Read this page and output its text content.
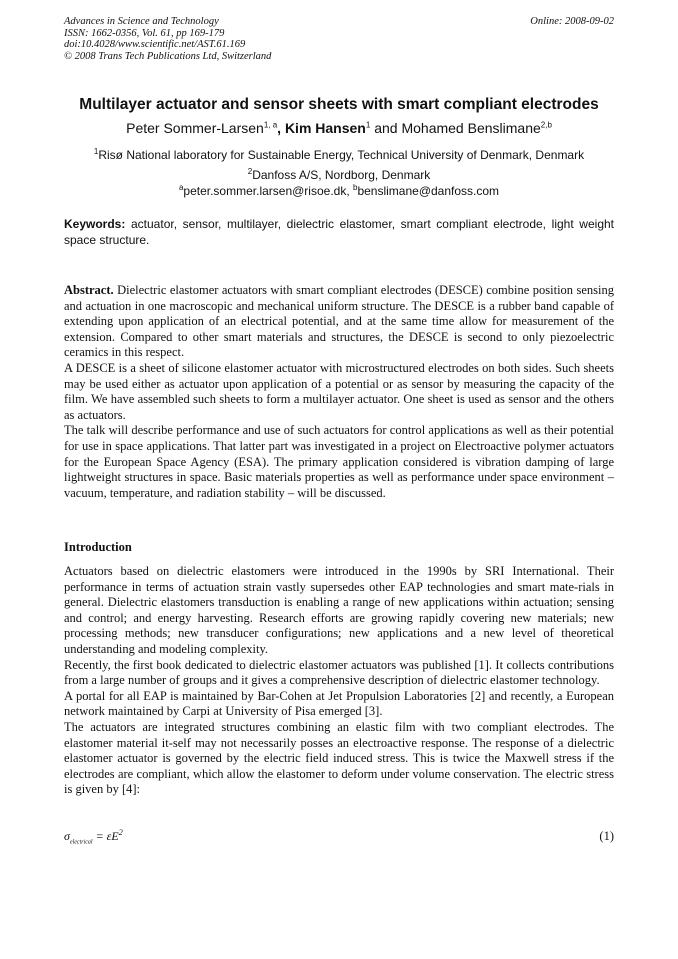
Advances in Science and Technology
ISSN: 1662-0356, Vol. 61, pp 169-179
doi:10.4028/www.scientific.net/AST.61.169
© 2008 Trans Tech Publications Ltd, Switzerland
Online: 2008-09-02
Multilayer actuator and sensor sheets with smart compliant electrodes
Peter Sommer-Larsen$^{1, a}$, Kim Hansen$^1$ and Mohamed Benslimane$^{2,b}$
$^1$Risø National laboratory for Sustainable Energy, Technical University of Denmark, Denmark
$^2$Danfoss A/S, Nordborg, Denmark
$^a$peter.sommer.larsen@risoe.dk, $^b$benslimane@danfoss.com
Keywords: actuator, sensor, multilayer, dielectric elastomer, smart compliant electrode, light weight space structure.

Abstract. Dielectric elastomer actuators with smart compliant electrodes (DESCE) combine position sensing and actuation in one macroscopic and mechanical uniform structure. The DESCE is a rubber band capable of extending upon application of an electrical potential, and at the same time allow for measurement of the extension. Compared to other smart materials and structures, the DESCE is second to only piezoelectric ceramics in this respect.

A DESCE is a sheet of silicone elastomer actuator with microstructured electrodes on both sides. Such sheets may be used either as actuator upon application of a potential or as sensor by measuring the capacity of the film. We have assembled such sheets to form a multilayer actuator. One sheet is used as sensor and the others as actuators.

The talk will describe performance and use of such actuators for control applications as well as their potential for use in space applications. That latter part was investigated in a project on Electroactive polymer actuators for the European Space Agency (ESA). The primary application considered is vibration damping of large lightweight structures in space. Basic materials properties as well as performance under space environment – vacuum, temperature, and radiation stability – will be discussed.

Introduction

Actuators based on dielectric elastomers were introduced in the 1990s by SRI International. Their performance in terms of actuation strain vastly supersedes other EAP technologies and smart mate-rials in general. Dielectric elastomers transduction is enabling a range of new applications within actuation; sensing and control; and energy harvesting. Research efforts are growing rapidly covering new materials; new processing methods; new transducer configurations; new applications and a new level of theoretical understanding and modeling complexity.

Recently, the first book dedicated to dielectric elastomer actuators was published [1]. It collects contributions from a large number of groups and it gives a comprehensive description of dielectric elastomer technology.

A portal for all EAP is maintained by Bar-Cohen at Jet Propulsion Laboratories [2] and recently, a European network maintained by Carpi at University of Pisa emerged [3].

The actuators are integrated structures combining an elastic film with two compliant electrodes. The elastomer material it-self may not necessarily posses an electroactive response. The response of a dielectric elastomer actuator is governed by the electric field induced stress. This is twice the Maxwell stress if the electrodes are compliant, which allow the elastomer to deform under volume conservation. The electric stress is given by [4]:

$\sigma_{electrical} = \varepsilon E^2$	(1)
